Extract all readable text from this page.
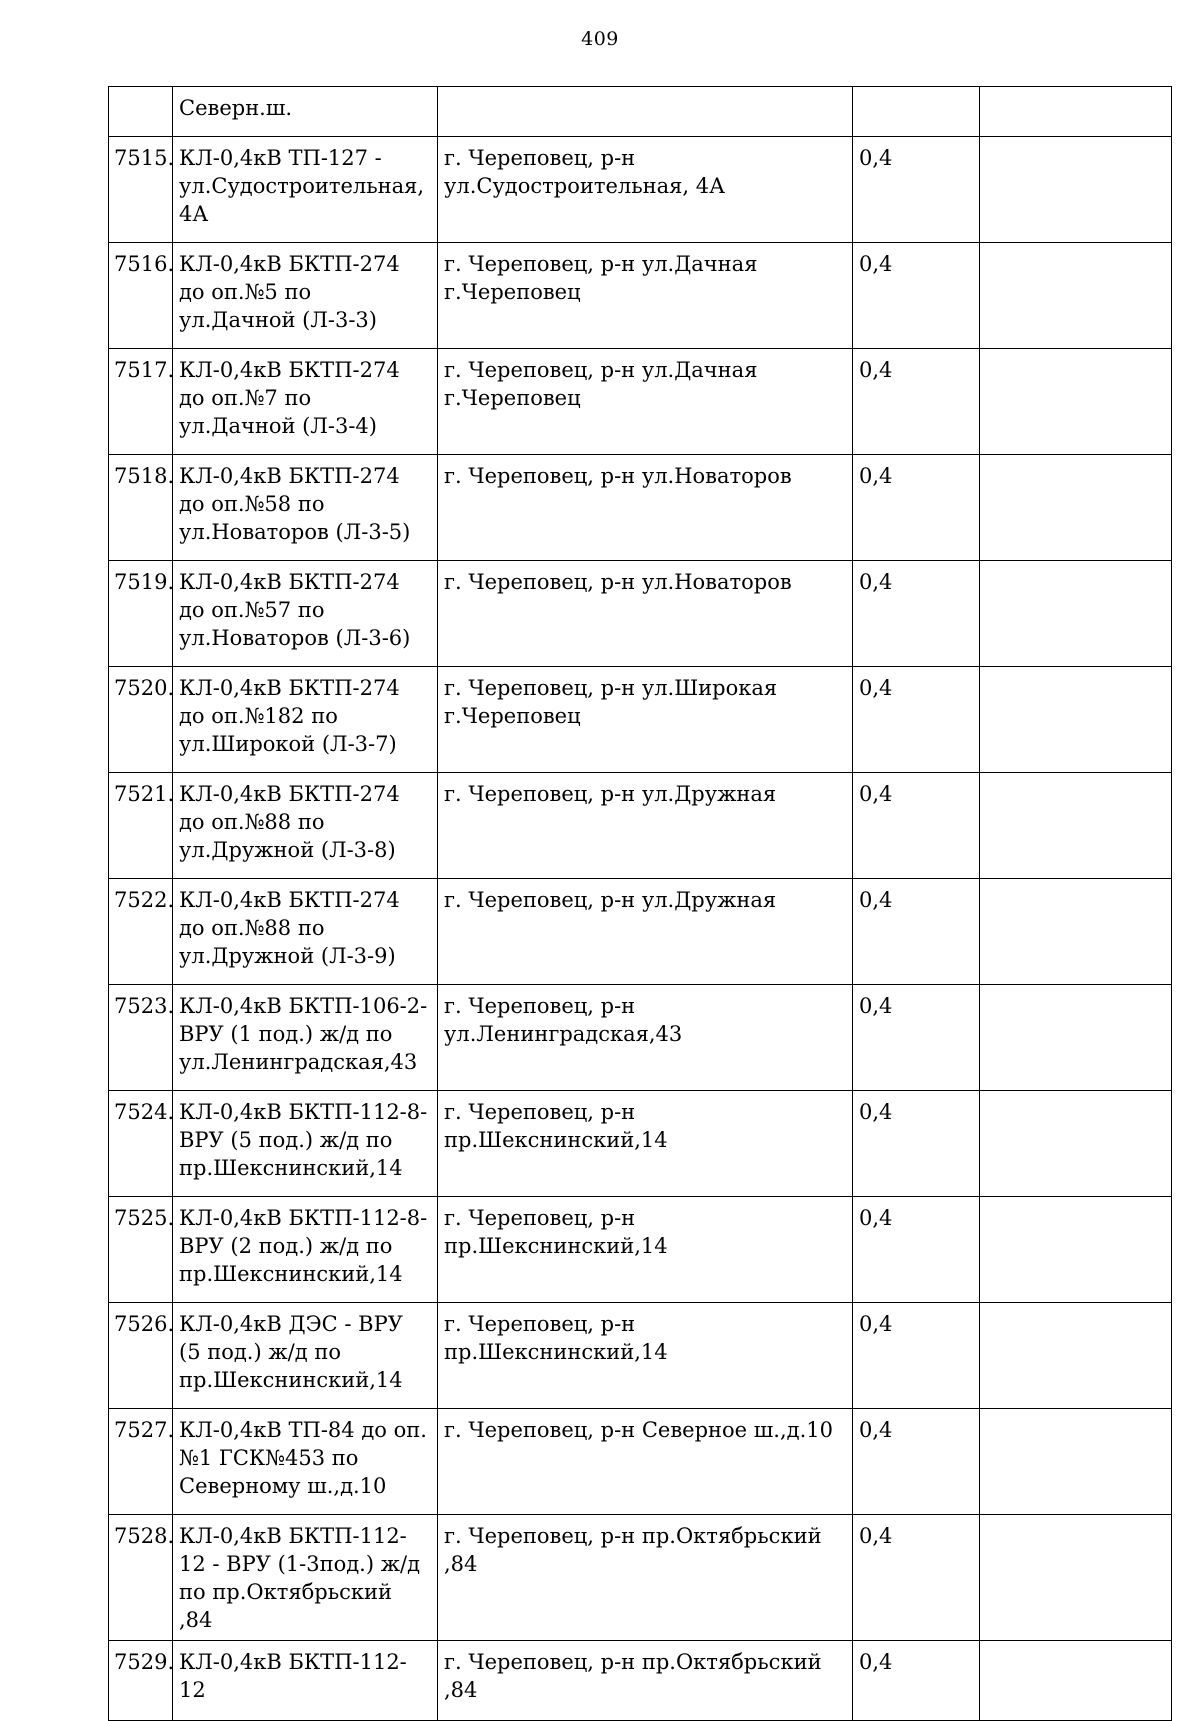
409
	Северн.ш.			
7515.	КЛ-0,4кВ ТП-127 - ул.Судостроительная, 4А	г. Череповец, р-н ул.Судостроительная, 4А	0,4	
7516.	КЛ-0,4кВ БКТП-274 до оп.№5 по ул.Дачной (Л-3-3)	г. Череповец, р-н ул.Дачная г.Череповец	0,4	
7517.	КЛ-0,4кВ БКТП-274 до оп.№7 по ул.Дачной (Л-3-4)	г. Череповец, р-н ул.Дачная г.Череповец	0,4	
7518.	КЛ-0,4кВ БКТП-274 до оп.№58 по ул.Новаторов (Л-3-5)	г. Череповец, р-н ул.Новаторов	0,4	
7519.	КЛ-0,4кВ БКТП-274 до оп.№57 по ул.Новаторов (Л-3-6)	г. Череповец, р-н ул.Новаторов	0,4	
7520.	КЛ-0,4кВ БКТП-274 до оп.№182 по ул.Широкой (Л-3-7)	г. Череповец, р-н ул.Широкая г.Череповец	0,4	
7521.	КЛ-0,4кВ БКТП-274 до оп.№88 по ул.Дружной (Л-3-8)	г. Череповец, р-н ул.Дружная	0,4	
7522.	КЛ-0,4кВ БКТП-274 до оп.№88 по ул.Дружной (Л-3-9)	г. Череповец, р-н ул.Дружная	0,4	
7523.	КЛ-0,4кВ БКТП-106-2-ВРУ (1 под.) ж/д по ул.Ленинградская,43	г. Череповец, р-н ул.Ленинградская,43	0,4	
7524.	КЛ-0,4кВ БКТП-112-8-ВРУ (5 под.) ж/д по пр.Шекснинский,14	г. Череповец, р-н пр.Шекснинский,14	0,4	
7525.	КЛ-0,4кВ БКТП-112-8-ВРУ (2 под.) ж/д по пр.Шекснинский,14	г. Череповец, р-н пр.Шекснинский,14	0,4	
7526.	КЛ-0,4кВ ДЭС - ВРУ (5 под.) ж/д по пр.Шекснинский,14	г. Череповец, р-н пр.Шекснинский,14	0,4	
7527.	КЛ-0,4кВ ТП-84 до оп.№1 ГСК№453 по Северному ш.,д.10	г. Череповец, р-н Северное ш.,д.10	0,4	
7528.	КЛ-0,4кВ БКТП-112-12 - ВРУ (1-3под.) ж/д по пр.Октябрьский ,84	г. Череповец, р-н пр.Октябрьский ,84	0,4	
7529.	КЛ-0,4кВ БКТП-112-12	г. Череповец, р-н пр.Октябрьский ,84	0,4	
